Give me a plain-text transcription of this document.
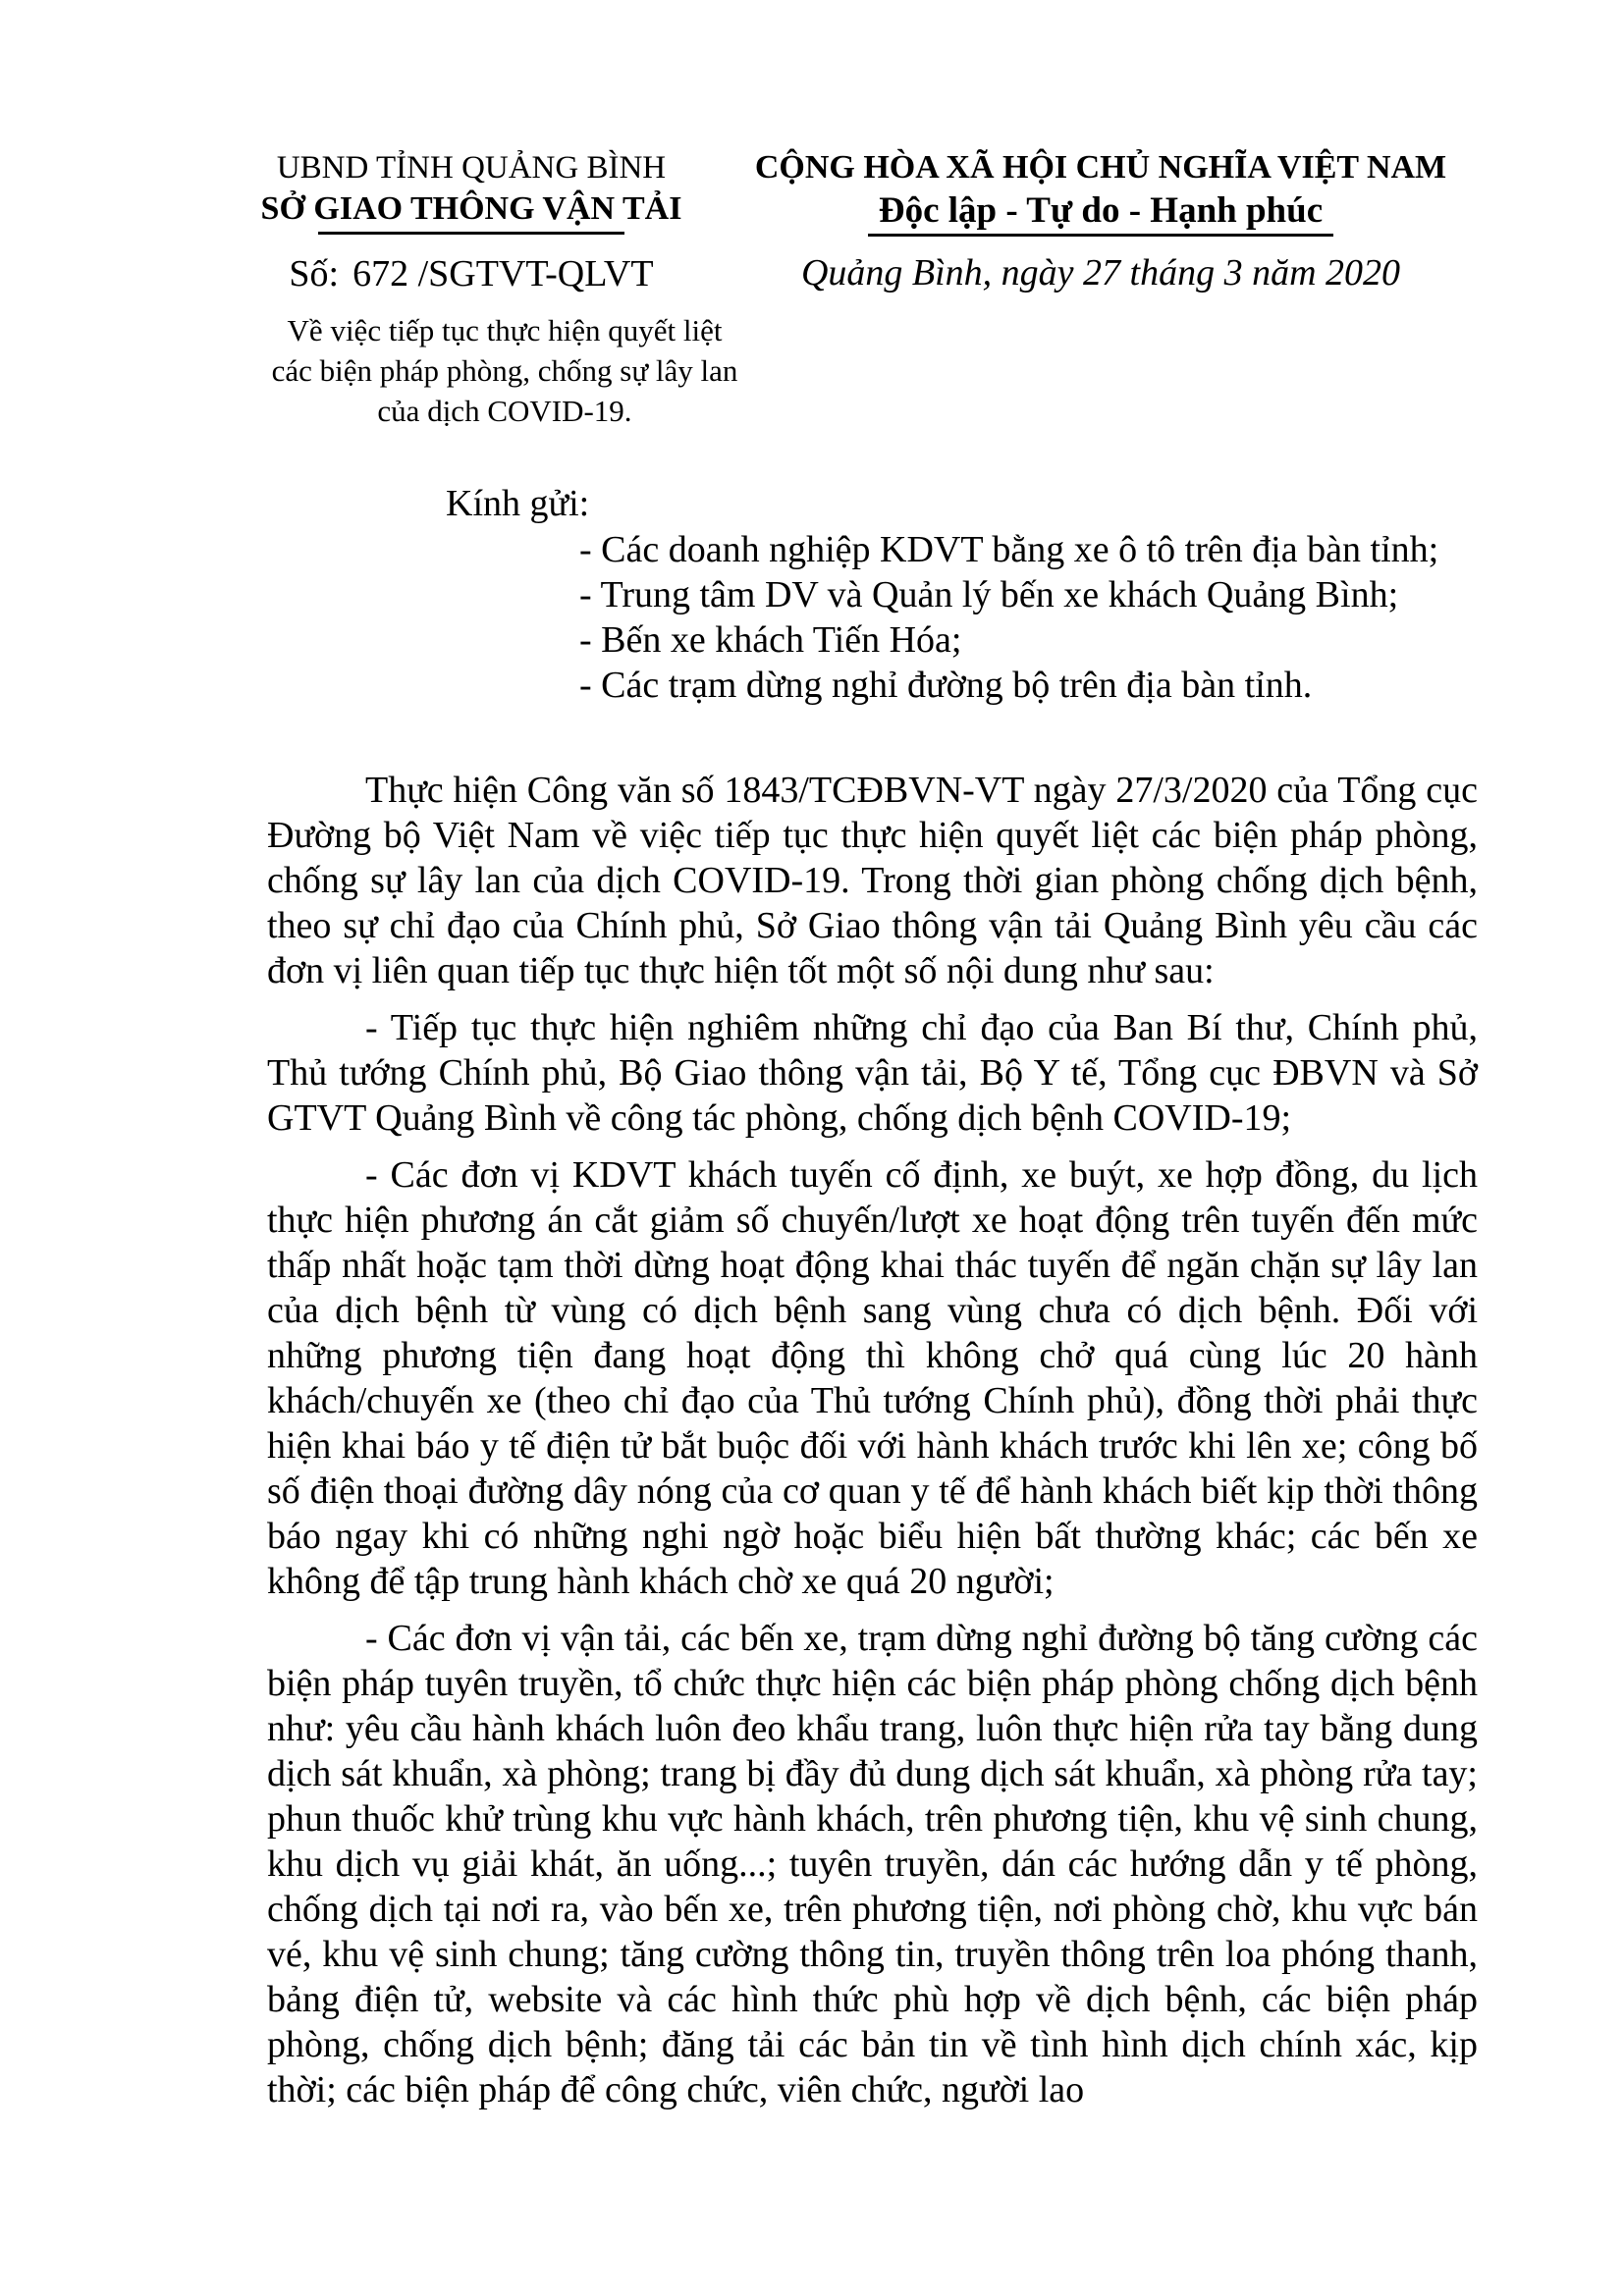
UBND TỈNH QUẢNG BÌNH
SỞ GIAO THÔNG VẬN TẢI
Số: 672 /SGTVT-QLVT
Về việc tiếp tục thực hiện quyết liệt
các biện pháp phòng, chống sự lây lan
của dịch COVID-19.
CỘNG HÒA XÃ HỘI CHỦ NGHĨA VIỆT NAM
Độc lập - Tự do - Hạnh phúc
Quảng Bình, ngày 27 tháng 3 năm 2020
Kính gửi:
- Các doanh nghiệp KDVT bằng xe ô tô trên địa bàn tỉnh;
- Trung tâm DV và Quản lý bến xe khách Quảng Bình;
- Bến xe khách Tiến Hóa;
- Các trạm dừng nghỉ đường bộ trên địa bàn tỉnh.

Thực hiện Công văn số 1843/TCĐBVN-VT ngày 27/3/2020 của Tổng cục Đường bộ Việt Nam về việc tiếp tục thực hiện quyết liệt các biện pháp phòng, chống sự lây lan của dịch COVID-19. Trong thời gian phòng chống dịch bệnh, theo sự chỉ đạo của Chính phủ, Sở Giao thông vận tải Quảng Bình yêu cầu các đơn vị liên quan tiếp tục thực hiện tốt một số nội dung như sau:

- Tiếp tục thực hiện nghiêm những chỉ đạo của Ban Bí thư, Chính phủ, Thủ tướng Chính phủ, Bộ Giao thông vận tải, Bộ Y tế, Tổng cục ĐBVN và Sở GTVT Quảng Bình về công tác phòng, chống dịch bệnh COVID-19;

- Các đơn vị KDVT khách tuyến cố định, xe buýt, xe hợp đồng, du lịch thực hiện phương án cắt giảm số chuyến/lượt xe hoạt động trên tuyến đến mức thấp nhất hoặc tạm thời dừng hoạt động khai thác tuyến để ngăn chặn sự lây lan của dịch bệnh từ vùng có dịch bệnh sang vùng chưa có dịch bệnh. Đối với những phương tiện đang hoạt động thì không chở quá cùng lúc 20 hành khách/chuyến xe (theo chỉ đạo của Thủ tướng Chính phủ), đồng thời phải thực hiện khai báo y tế điện tử bắt buộc đối với hành khách trước khi lên xe; công bố số điện thoại đường dây nóng của cơ quan y tế để hành khách biết kịp thời thông báo ngay khi có những nghi ngờ hoặc biểu hiện bất thường khác; các bến xe không để tập trung hành khách chờ xe quá 20 người;

- Các đơn vị vận tải, các bến xe, trạm dừng nghỉ đường bộ tăng cường các biện pháp tuyên truyền, tổ chức thực hiện các biện pháp phòng chống dịch bệnh như: yêu cầu hành khách luôn đeo khẩu trang, luôn thực hiện rửa tay bằng dung dịch sát khuẩn, xà phòng; trang bị đầy đủ dung dịch sát khuẩn, xà phòng rửa tay; phun thuốc khử trùng khu vực hành khách, trên phương tiện, khu vệ sinh chung, khu dịch vụ giải khát, ăn uống...; tuyên truyền, dán các hướng dẫn y tế phòng, chống dịch tại nơi ra, vào bến xe, trên phương tiện, nơi phòng chờ, khu vực bán vé, khu vệ sinh chung; tăng cường thông tin, truyền thông trên loa phóng thanh, bảng điện tử, website và các hình thức phù hợp về dịch bệnh, các biện pháp phòng, chống dịch bệnh; đăng tải các bản tin về tình hình dịch chính xác, kịp thời; các biện pháp để công chức, viên chức, người lao
